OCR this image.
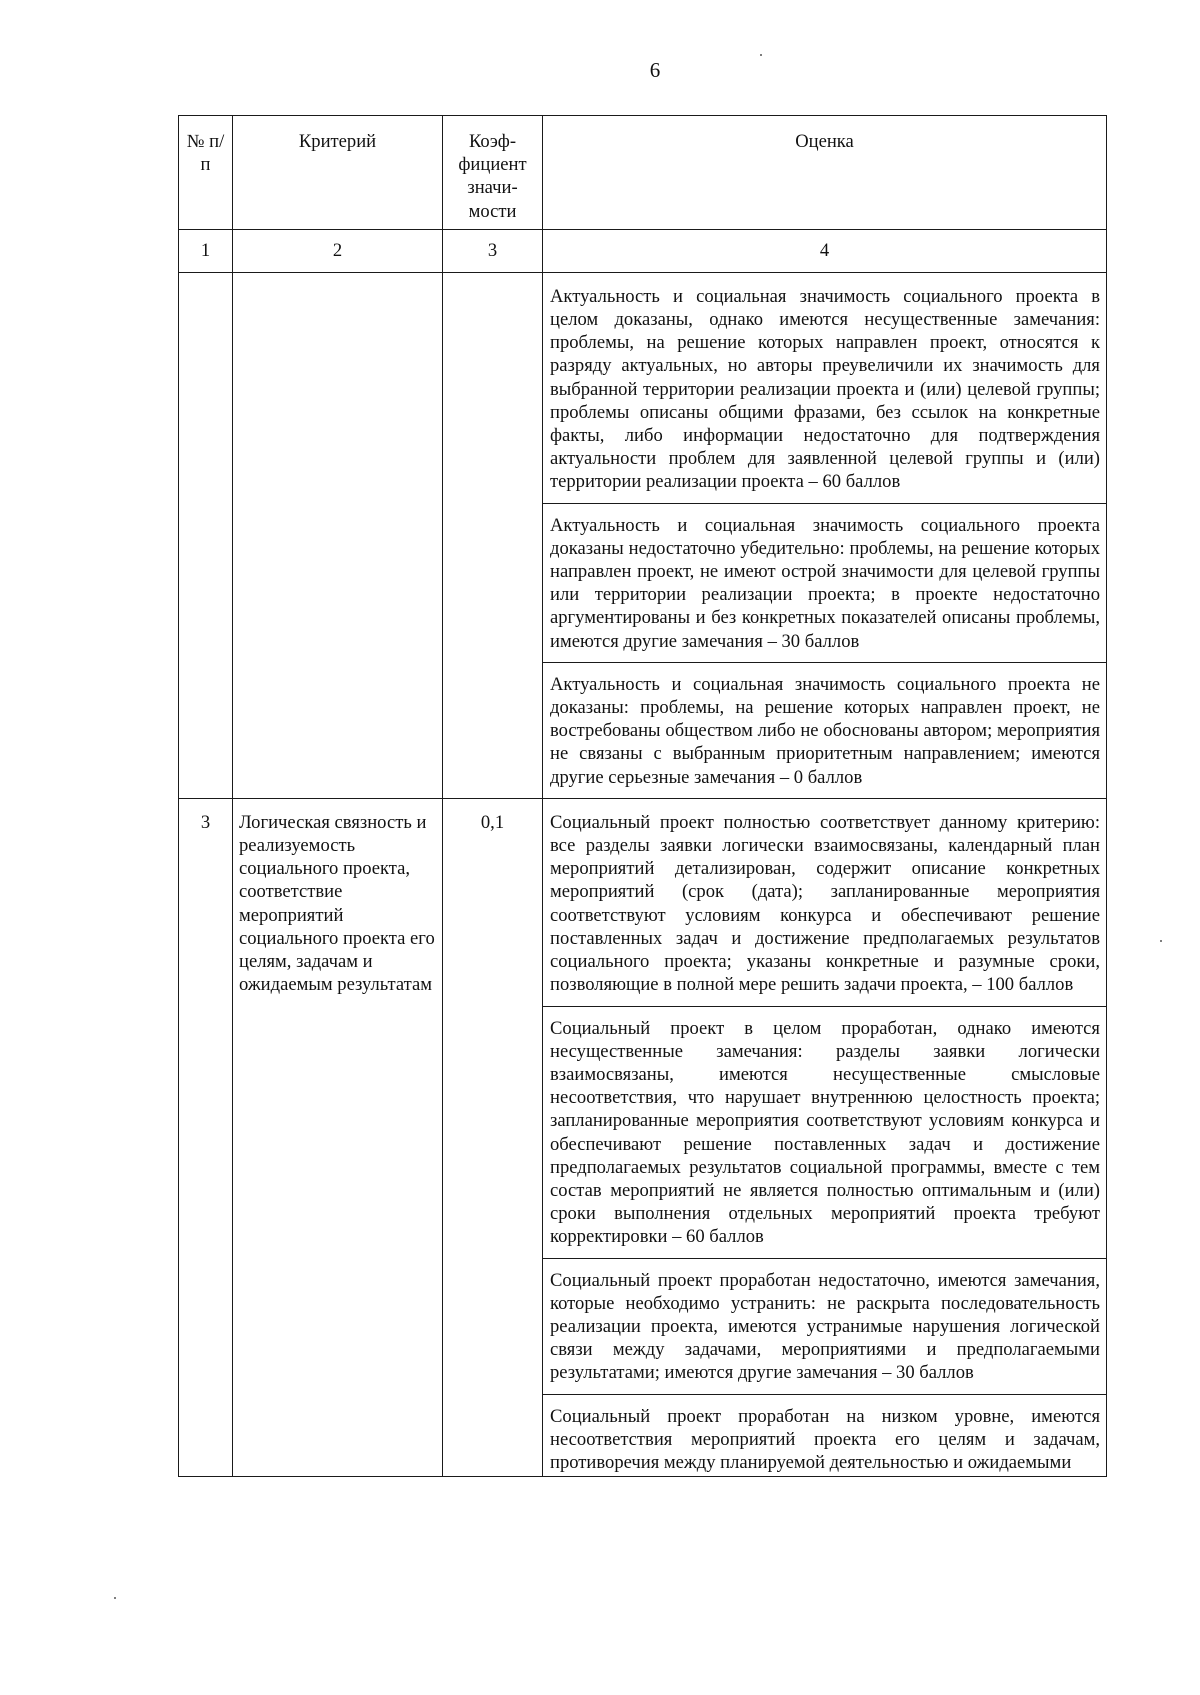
6
№ п/п	Критерий	Коэф-фициент значи-мости	Оценка
1	2	3	4

			Актуальность и социальная значимость социального проекта в целом доказаны, однако имеются несущественные замечания: проблемы, на решение которых направлен проект, относятся к разряду актуальных, но авторы преувеличили их значимость для выбранной территории реализации проекта и (или) целевой группы; проблемы описаны общими фразами, без ссылок на конкретные факты, либо информации недостаточно для подтверждения актуальности проблем для заявленной целевой группы и (или) территории реализации проекта – 60 баллов
Актуальность и социальная значимость социального проекта доказаны недостаточно убедительно: проблемы, на решение которых направлен проект, не имеют острой значимости для целевой группы или территории реализации проекта; в проекте недостаточно аргументированы и без конкретных показателей описаны проблемы, имеются другие замечания – 30 баллов
Актуальность и социальная значимость социального проекта не доказаны: проблемы, на решение которых направлен проект, не востребованы обществом либо не обоснованы автором; мероприятия не связаны с выбранным приоритетным направлением; имеются другие серьезные замечания – 0 баллов

3	Логическая связность и реализуемость социального проекта, соответствие мероприятий социального проекта его целям, задачам и ожидаемым результатам	0,1	Социальный проект полностью соответствует данному критерию: все разделы заявки логически взаимосвязаны, календарный план мероприятий детализирован, содержит описание конкретных мероприятий (срок (дата); запланированные мероприятия соответствуют условиям конкурса и обеспечивают решение поставленных задач и достижение предполагаемых результатов социального проекта; указаны конкретные и разумные сроки, позволяющие в полной мере решить задачи проекта, – 100 баллов
Социальный проект в целом проработан, однако имеются несущественные замечания: разделы заявки логически взаимосвязаны, имеются несущественные смысловые несоответствия, что нарушает внутреннюю целостность проекта; запланированные мероприятия соответствуют условиям конкурса и обеспечивают решение поставленных задач и достижение предполагаемых результатов социальной программы, вместе с тем состав мероприятий не является полностью оптимальным и (или) сроки выполнения отдельных мероприятий проекта требуют корректировки – 60 баллов
Социальный проект проработан недостаточно, имеются замечания, которые необходимо устранить: не раскрыта последовательность реализации проекта, имеются устранимые нарушения логической связи между задачами, мероприятиями и предполагаемыми результатами; имеются другие замечания – 30 баллов
Социальный проект проработан на низком уровне, имеются несоответствия мероприятий проекта его целям и задачам, противоречия между планируемой деятельностью и ожидаемыми
